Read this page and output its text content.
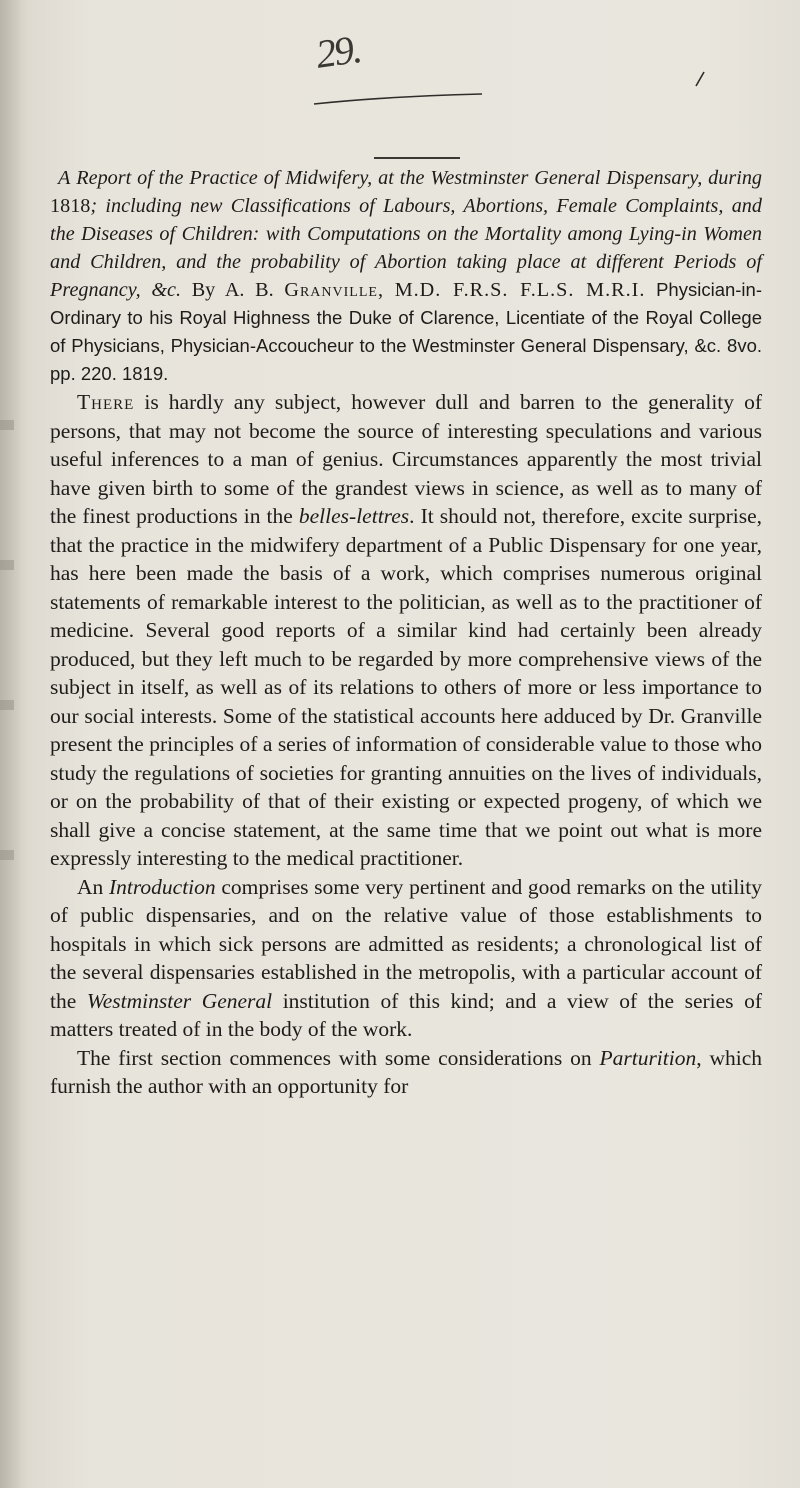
29.
A Report of the Practice of Midwifery, at the Westminster General Dispensary, during 1818; including new Classifications of Labours, Abortions, Female Complaints, and the Diseases of Children: with Computations on the Mortality among Lying-in Women and Children, and the probability of Abortion taking place at different Periods of Pregnancy, &c. By A. B. Granville, M.D. F.R.S. F.L.S. M.R.I. Physician-in-Ordinary to his Royal Highness the Duke of Clarence, Licentiate of the Royal College of Physicians, Physician-Accoucheur to the Westminster General Dispensary, &c. 8vo. pp. 220. 1819.

There is hardly any subject, however dull and barren to the generality of persons, that may not become the source of interesting speculations and various useful inferences to a man of genius. Circumstances apparently the most trivial have given birth to some of the grandest views in science, as well as to many of the finest productions in the belles-lettres. It should not, therefore, excite surprise, that the practice in the midwifery department of a Public Dispensary for one year, has here been made the basis of a work, which comprises numerous original statements of remarkable interest to the politician, as well as to the practitioner of medicine. Several good reports of a similar kind had certainly been already produced, but they left much to be regarded by more comprehensive views of the subject in itself, as well as of its relations to others of more or less importance to our social interests. Some of the statistical accounts here adduced by Dr. Granville present the principles of a series of information of considerable value to those who study the regulations of societies for granting annuities on the lives of individuals, or on the probability of that of their existing or expected progeny, of which we shall give a concise statement, at the same time that we point out what is more expressly interesting to the medical practitioner.

An Introduction comprises some very pertinent and good remarks on the utility of public dispensaries, and on the relative value of those establishments to hospitals in which sick persons are admitted as residents; a chronological list of the several dispensaries established in the metropolis, with a particular account of the Westminster General institution of this kind; and a view of the series of matters treated of in the body of the work.

The first section commences with some considerations on Parturition, which furnish the author with an opportunity for
